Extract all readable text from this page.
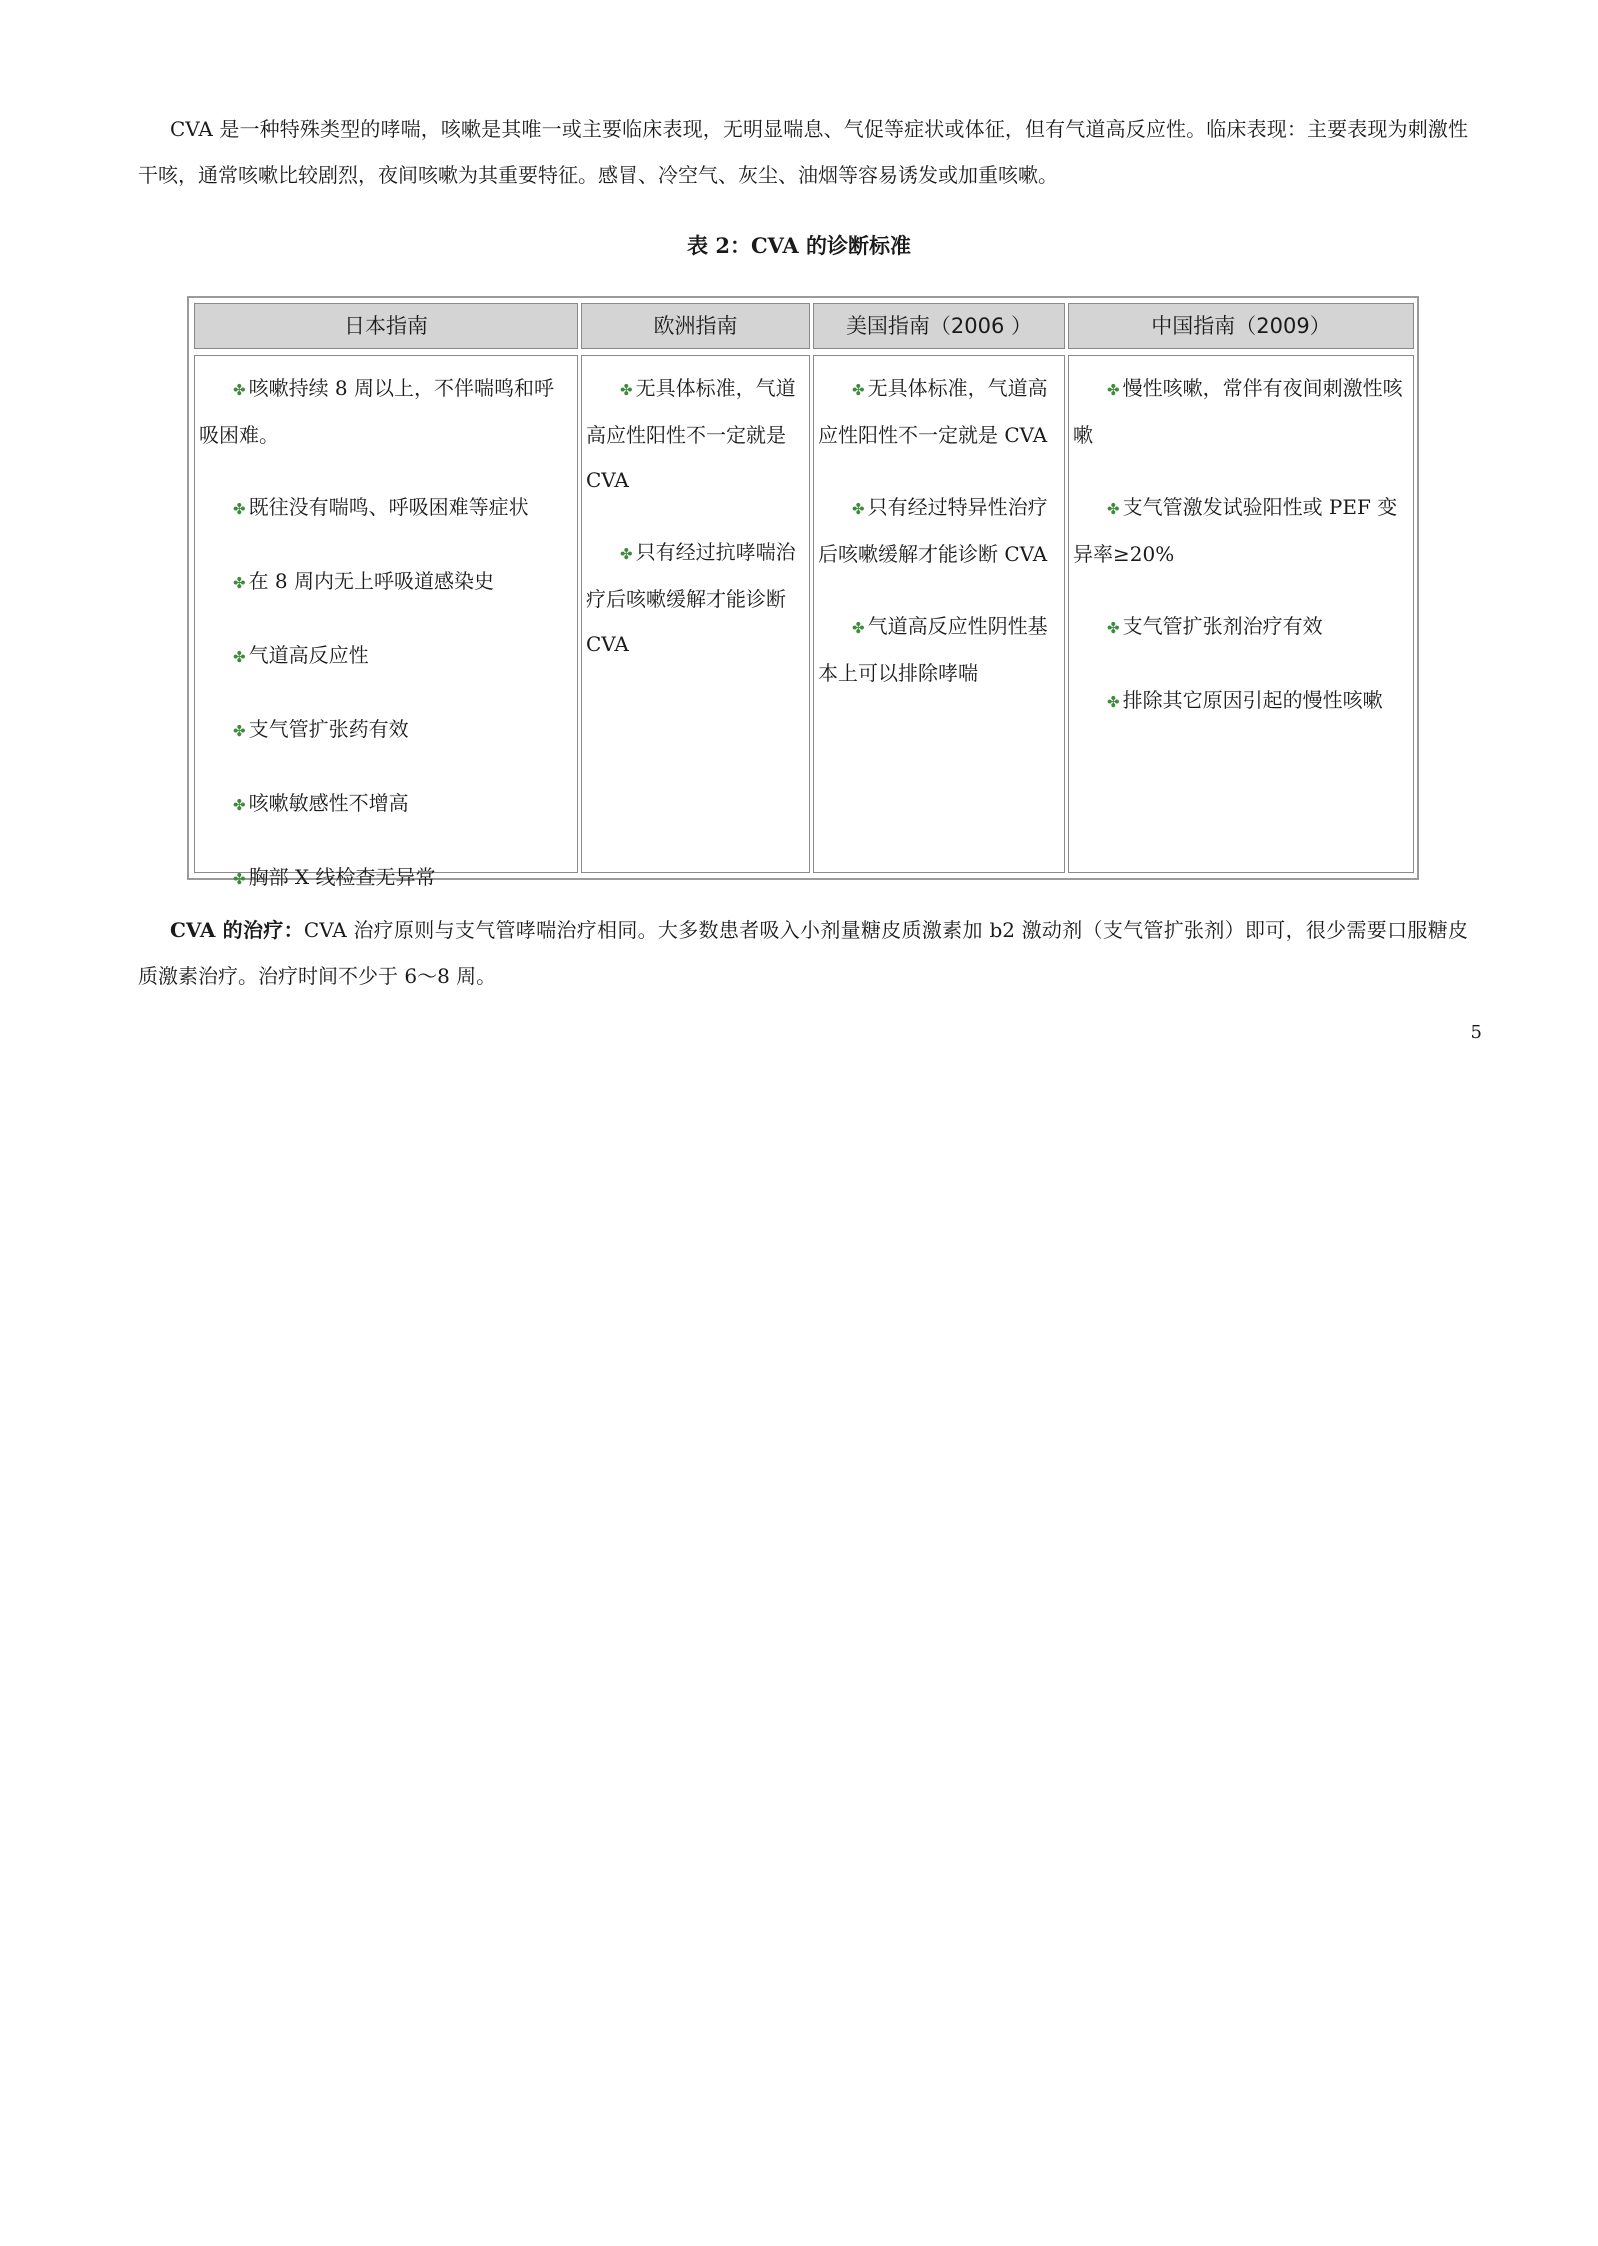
CVA 是一种特殊类型的哮喘，咳嗽是其唯一或主要临床表现，无明显喘息、气促等症状或体征，但有气道高反应性。临床表现：主要表现为刺激性干咳，通常咳嗽比较剧烈，夜间咳嗽为其重要特征。感冒、冷空气、灰尘、油烟等容易诱发或加重咳嗽。

表 2：CVA 的诊断标准
日本指南

✤ 咳嗽持续 8 周以上，不伴喘鸣和呼吸困难。

✤ 既往没有喘鸣、呼吸困难等症状

✤ 在 8 周内无上呼吸道感染史

✤ 气道高反应性

✤ 支气管扩张药有效

✤ 咳嗽敏感性不增高

✤ 胸部 X 线检查无异常

欧洲指南

✤ 无具体标准，气道高应性阳性不一定就是 CVA

✤ 只有经过抗哮喘治疗后咳嗽缓解才能诊断 CVA

美国指南（2006 ）

✤ 无具体标准，气道高应性阳性不一定就是 CVA

✤ 只有经过特异性治疗后咳嗽缓解才能诊断 CVA

✤ 气道高反应性阴性基本上可以排除哮喘

中国指南（2009）

✤ 慢性咳嗽，常伴有夜间刺激性咳嗽

✤ 支气管激发试验阳性或 PEF 变异率≥20%

✤ 支气管扩张剂治疗有效

✤ 排除其它原因引起的慢性咳嗽

CVA 的治疗：CVA 治疗原则与支气管哮喘治疗相同。大多数患者吸入小剂量糖皮质激素加 b2 激动剂（支气管扩张剂）即可，很少需要口服糖皮质激素治疗。治疗时间不少于 6～8 周。

5
